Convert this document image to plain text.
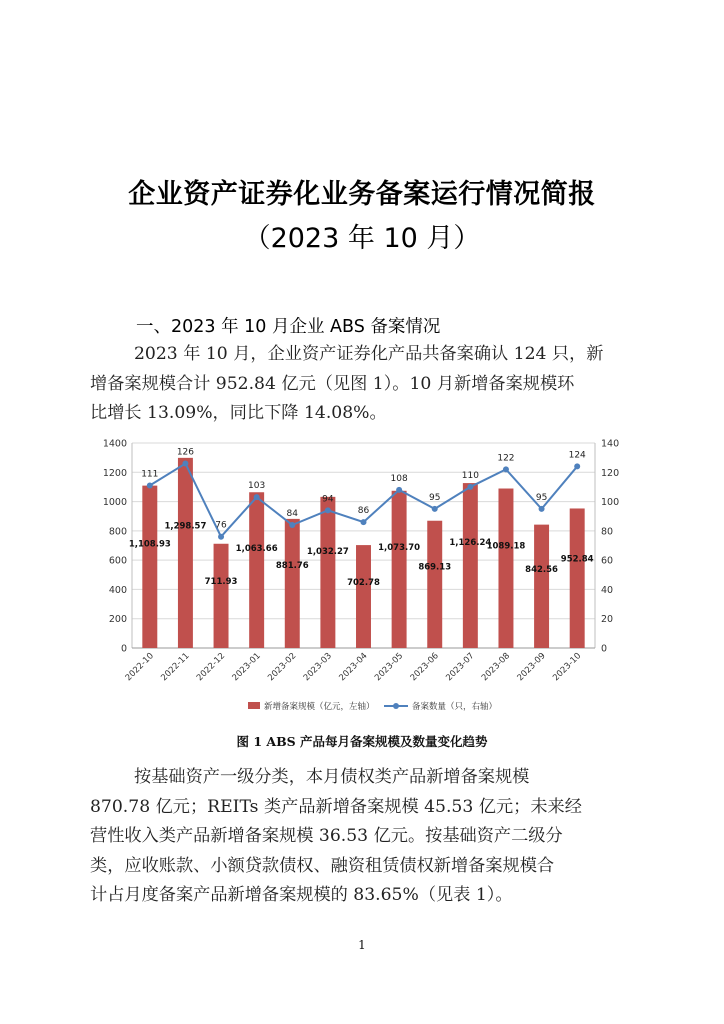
企业资产证券化业务备案运行情况简报
（2023 年 10 月）
一、2023 年 10 月企业 ABS 备案情况
2023 年 10 月，企业资产证券化产品共备案确认 124 只，新
增备案规模合计 952.84 亿元（见图 1）。10 月新增备案规模环
比增长 13.09%，同比下降 14.08%。
0	0
200	20
400	40
600	60
800	80
1000	100
1200	120
1400	140
111
126
76
103
84
94
86
108
95
110
122
95
124
1,108.93
1,298.57
711.93
1,063.66
881.76
1,032.27
702.78
1,073.70
869.13
1,126.24
1089.18
842.56
952.84
2022-10 2022-11 2022-12 2023-01 2023-02 2023-03 2023-04 2023-05 2023-06 2023-07 2023-08 2023-09 2023-10
新增备案规模（亿元，左轴）	备案数量（只，右轴）
图 1 ABS 产品每月备案规模及数量变化趋势
按基础资产一级分类，本月债权类产品新增备案规模
870.78 亿元；REITs 类产品新增备案规模 45.53 亿元；未来经
营性收入类产品新增备案规模 36.53 亿元。按基础资产二级分
类，应收账款、小额贷款债权、融资租赁债权新增备案规模合
计占月度备案产品新增备案规模的 83.65%（见表 1）。
1
